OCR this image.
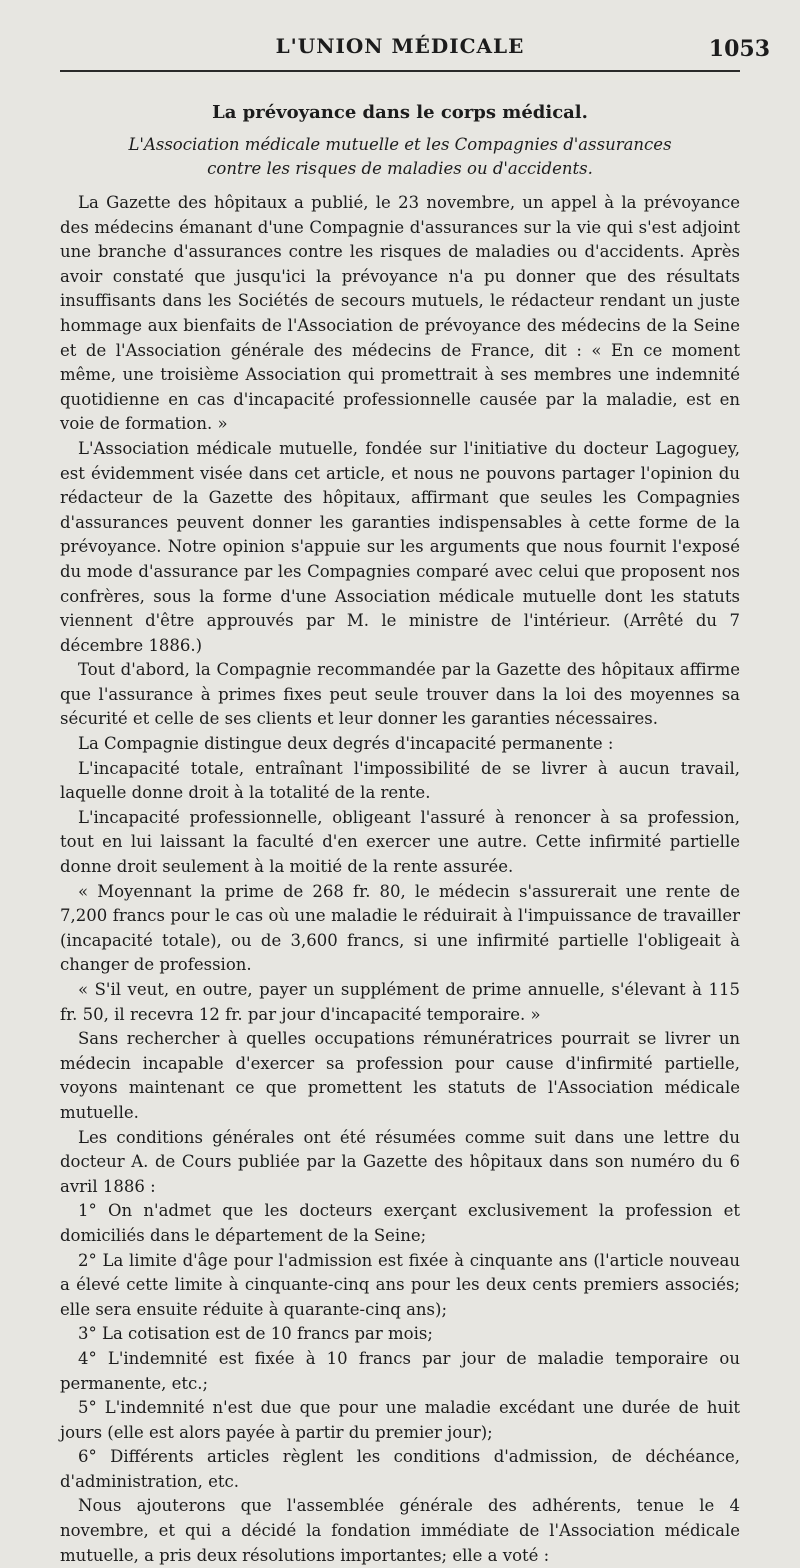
L'UNION MÉDICALE	1053
La prévoyance dans le corps médical.
L'Association médicale mutuelle et les Compagnies d'assurances contre les risques de maladies ou d'accidents.

La Gazette des hôpitaux a publié, le 23 novembre, un appel à la prévoyance des médecins émanant d'une Compagnie d'assurances sur la vie qui s'est adjoint une branche d'assurances contre les risques de maladies ou d'accidents. Après avoir constaté que jusqu'ici la prévoyance n'a pu donner que des résultats insuffisants dans les Sociétés de secours mutuels, le rédacteur rendant un juste hommage aux bienfaits de l'Association de prévoyance des médecins de la Seine et de l'Association générale des médecins de France, dit : « En ce moment même, une troisième Association qui promettrait à ses membres une indemnité quotidienne en cas d'incapacité professionnelle causée par la maladie, est en voie de formation. »

L'Association médicale mutuelle, fondée sur l'initiative du docteur Lagoguey, est évidemment visée dans cet article, et nous ne pouvons partager l'opinion du rédacteur de la Gazette des hôpitaux, affirmant que seules les Compagnies d'assurances peuvent donner les garanties indispensables à cette forme de la prévoyance. Notre opinion s'appuie sur les arguments que nous fournit l'exposé du mode d'assurance par les Compagnies comparé avec celui que proposent nos confrères, sous la forme d'une Association médicale mutuelle dont les statuts viennent d'être approuvés par M. le ministre de l'intérieur. (Arrêté du 7 décembre 1886.)

Tout d'abord, la Compagnie recommandée par la Gazette des hôpitaux affirme que l'assurance à primes fixes peut seule trouver dans la loi des moyennes sa sécurité et celle de ses clients et leur donner les garanties nécessaires.

La Compagnie distingue deux degrés d'incapacité permanente :

L'incapacité totale, entraînant l'impossibilité de se livrer à aucun travail, laquelle donne droit à la totalité de la rente.

L'incapacité professionnelle, obligeant l'assuré à renoncer à sa profession, tout en lui laissant la faculté d'en exercer une autre. Cette infirmité partielle donne droit seulement à la moitié de la rente assurée.

« Moyennant la prime de 268 fr. 80, le médecin s'assurerait une rente de 7,200 francs pour le cas où une maladie le réduirait à l'impuissance de travailler (incapacité totale), ou de 3,600 francs, si une infirmité partielle l'obligeait à changer de profession.

« S'il veut, en outre, payer un supplément de prime annuelle, s'élevant à 115 fr. 50, il recevra 12 fr. par jour d'incapacité temporaire. »

Sans rechercher à quelles occupations rémunératrices pourrait se livrer un médecin incapable d'exercer sa profession pour cause d'infirmité partielle, voyons maintenant ce que promettent les statuts de l'Association médicale mutuelle.

Les conditions générales ont été résumées comme suit dans une lettre du docteur A. de Cours publiée par la Gazette des hôpitaux dans son numéro du 6 avril 1886 :

1° On n'admet que les docteurs exerçant exclusivement la profession et domiciliés dans le département de la Seine;

2° La limite d'âge pour l'admission est fixée à cinquante ans (l'article nouveau a élevé cette limite à cinquante-cinq ans pour les deux cents premiers associés; elle sera ensuite réduite à quarante-cinq ans);

3° La cotisation est de 10 francs par mois;

4° L'indemnité est fixée à 10 francs par jour de maladie temporaire ou permanente, etc.;

5° L'indemnité n'est due que pour une maladie excédant une durée de huit jours (elle est alors payée à partir du premier jour);

6° Différents articles règlent les conditions d'admission, de déchéance, d'administration, etc.

Nous ajouterons que l'assemblée générale des adhérents, tenue le 4 novembre, et qui a décidé la fondation immédiate de l'Association médicale mutuelle, a pris deux résolutions importantes; elle a voté :
